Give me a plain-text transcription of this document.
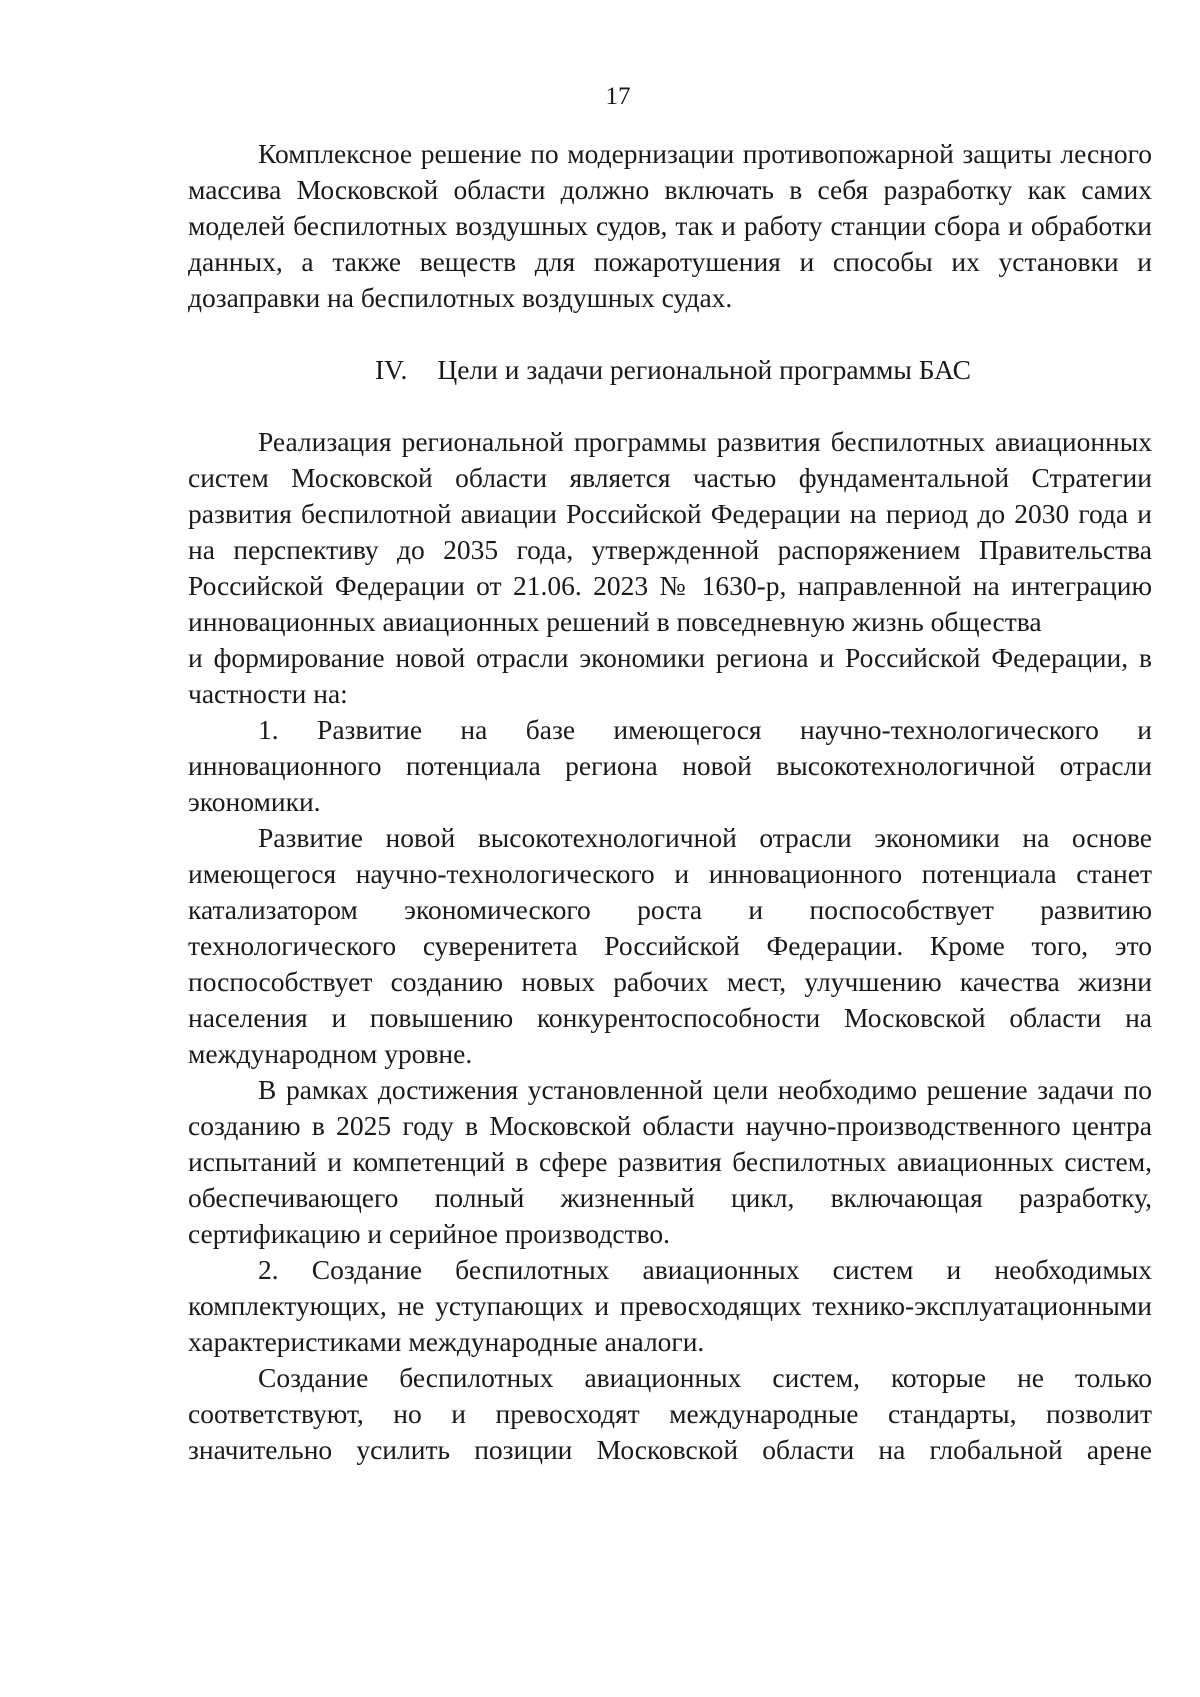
17

Комплексное решение по модернизации противопожарной защиты лесного массива Московской области должно включать в себя разработку как самих моделей беспилотных воздушных судов, так и работу станции сбора и обработки данных, а также веществ для пожаротушения и способы их установки и дозаправки на беспилотных воздушных судах.

IV. Цели и задачи региональной программы БАС

Реализация региональной программы развития беспилотных авиационных систем Московской области является частью фундаментальной Стратегии развития беспилотной авиации Российской Федерации на период до 2030 года и на перспективу до 2035 года, утвержденной распоряжением Правительства Российской Федерации от 21.06. 2023 № 1630-р, направленной на интеграцию инновационных авиационных решений в повседневную жизнь общества

и формирование новой отрасли экономики региона и Российской Федерации, в частности на:

1. Развитие на базе имеющегося научно-технологического и инновационного потенциала региона новой высокотехнологичной отрасли экономики.

Развитие новой высокотехнологичной отрасли экономики на основе имеющегося научно-технологического и инновационного потенциала станет катализатором экономического роста и поспособствует развитию технологического суверенитета Российской Федерации. Кроме того, это поспособствует созданию новых рабочих мест, улучшению качества жизни населения и повышению конкурентоспособности Московской области на международном уровне.

В рамках достижения установленной цели необходимо решение задачи по созданию в 2025 году в Московской области научно-производственного центра испытаний и компетенций в сфере развития беспилотных авиационных систем, обеспечивающего полный жизненный цикл, включающая разработку, сертификацию и серийное производство.

2. Создание беспилотных авиационных систем и необходимых комплектующих, не уступающих и превосходящих технико-эксплуатационными характеристиками международные аналоги.

Создание беспилотных авиационных систем, которые не только соответствуют, но и превосходят международные стандарты, позволит значительно усилить позиции Московской области на глобальной арене
